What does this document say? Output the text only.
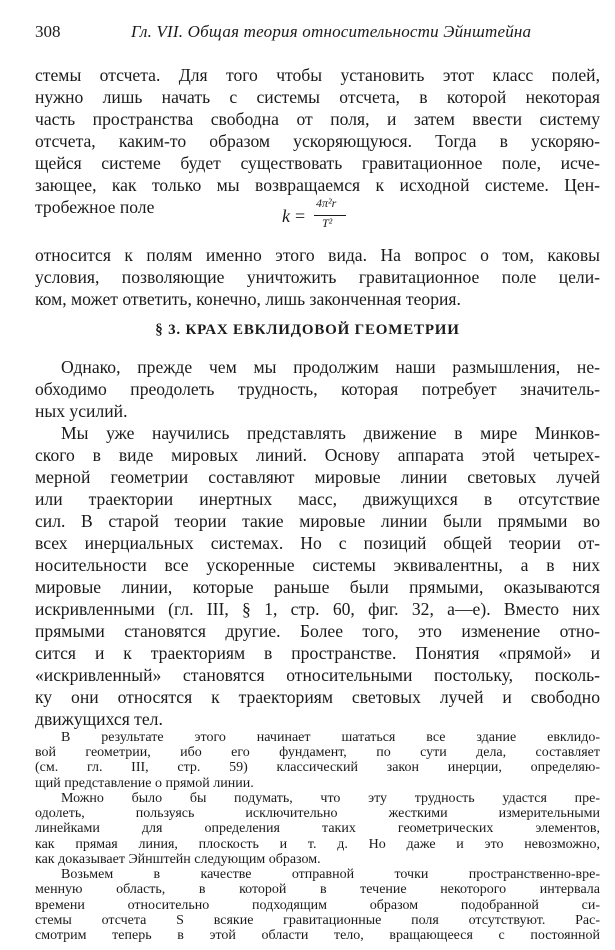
308	Гл. VII. Общая теория относительности Эйнштейна
стемы отсчета. Для того чтобы установить этот класс полей,
нужно лишь начать с системы отсчета, в которой некоторая
часть пространства свободна от поля, и затем ввести систему
отсчета, каким-то образом ускоряющуюся. Тогда в ускоряю-
щейся системе будет существовать гравитационное поле, исче-
зающее, как только мы возвращаемся к исходной системе. Цен-
тробежное поле	k =
4π²r
T²
относится к полям именно этого вида. На вопрос о том, каковы
условия, позволяющие уничтожить гравитационное поле цели-
ком, может ответить, конечно, лишь законченная теория.
§ 3. КРАХ ЕВКЛИДОВОЙ ГЕОМЕТРИИ
Однако, прежде чем мы продолжим наши размышления, не-
обходимо преодолеть трудность, которая потребует значитель-
ных усилий.
Мы уже научились представлять движение в мире Минков-
ского в виде мировых линий. Основу аппарата этой четырех-
мерной геометрии составляют мировые линии световых лучей
или траектории инертных масс, движущихся в отсутствие
сил. В старой теории такие мировые линии были прямыми во
всех инерциальных системах. Но с позиций общей теории от-
носительности все ускоренные системы эквивалентны, а в них
мировые линии, которые раньше были прямыми, оказываются
искривленными (гл. III, § 1, стр. 60, фиг. 32, а—е). Вместо них
прямыми становятся другие. Более того, это изменение отно-
сится и к траекториям в пространстве. Понятия «прямой» и
«искривленный» становятся относительными постольку, посколь-
ку они относятся к траекториям световых лучей и свободно
движущихся тел.
В результате этого начинает шататься все здание евклидо-
вой геометрии, ибо его фундамент, по сути дела, составляет
(см. гл. III, стр. 59) классический закон инерции, определяю-
щий представление о прямой линии.
Можно было бы подумать, что эту трудность удастся пре-
одолеть, пользуясь исключительно жесткими измерительными
линейками для определения таких геометрических элементов,
как прямая линия, плоскость и т. д. Но даже и это невозможно,
как доказывает Эйнштейн следующим образом.
Возьмем в качестве отправной точки пространственно-вре-
менную область, в которой в течение некоторого интервала
времени относительно подходящим образом подобранной си-
стемы отсчета S всякие гравитационные поля отсутствуют. Рас-
смотрим теперь в этой области тело, вращающееся с постоянной
